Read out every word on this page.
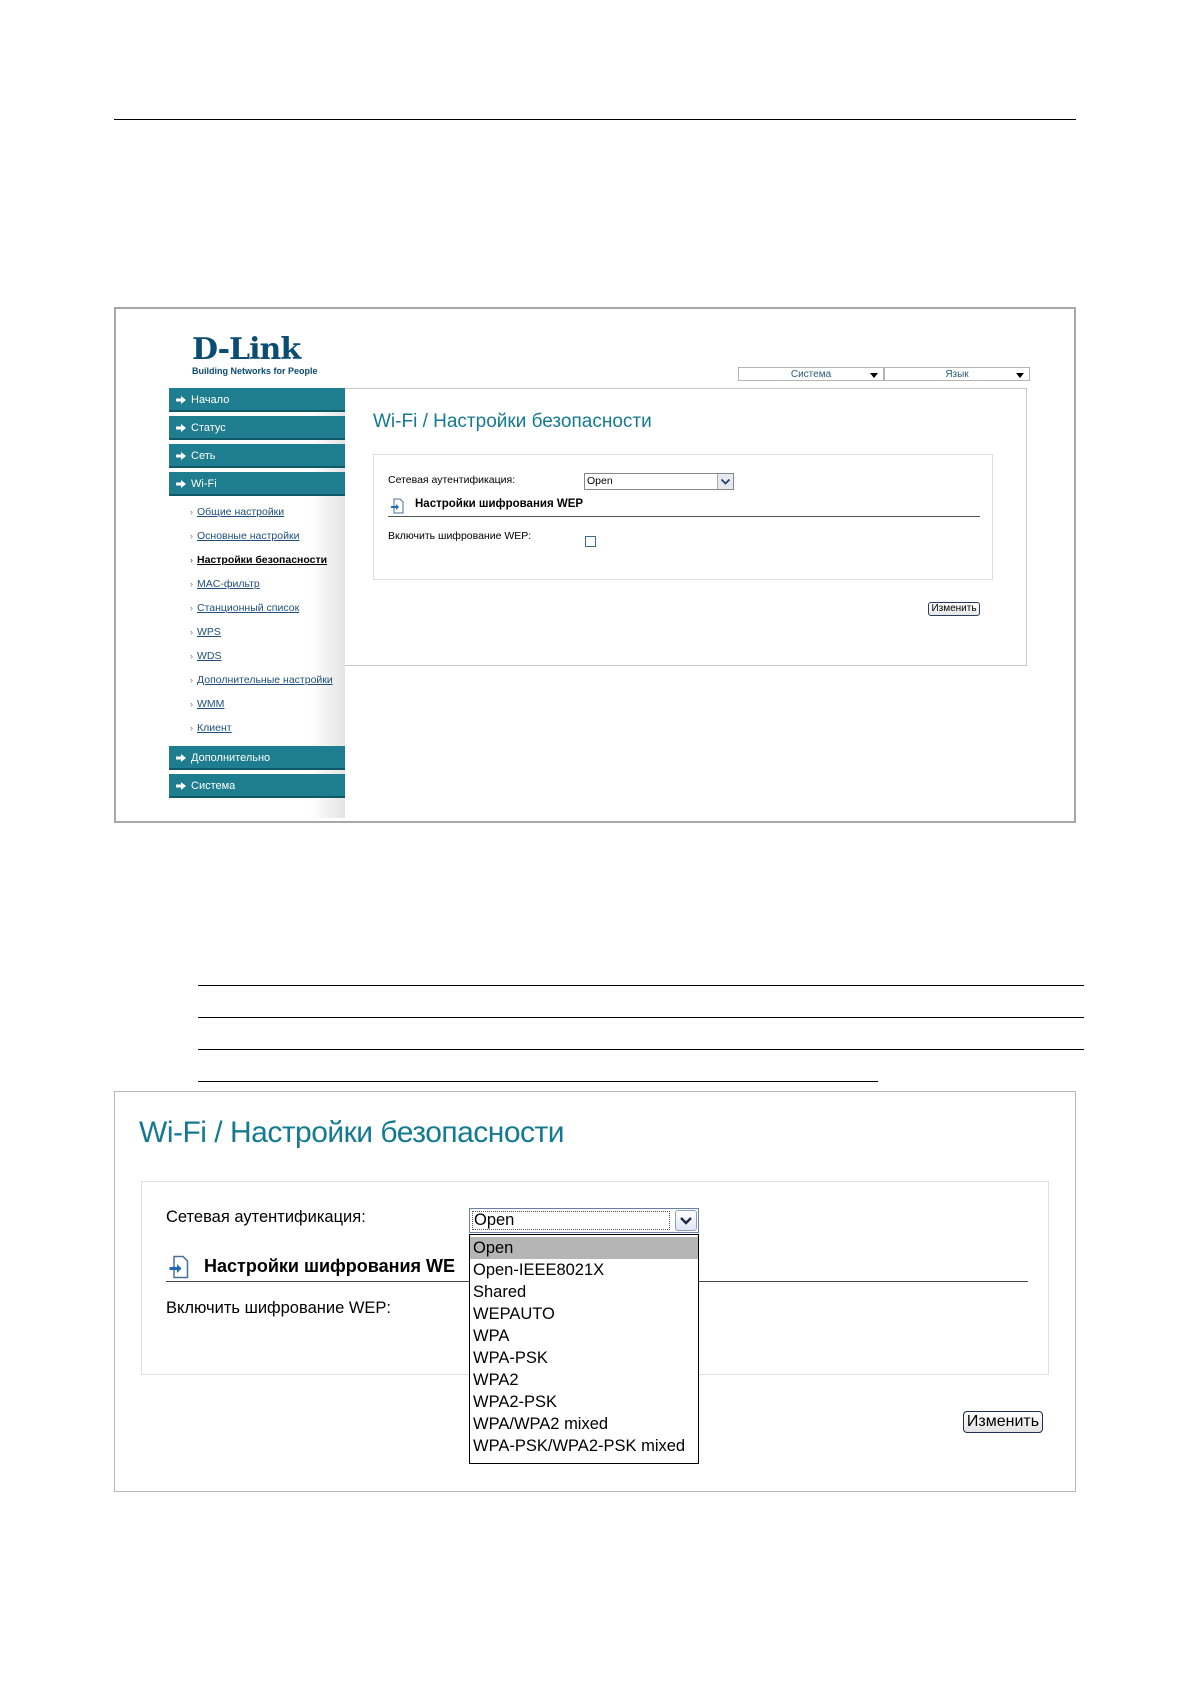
D-Link
Building Networks for People	Система	Язык
Начало
Статус
Сеть
Wi-Fi
› Общие настройки
› Основные настройки
› Настройки безопасности
› MAC-фильтр
› Станционный список
› WPS
› WDS
› Дополнительные настройки
› WMM
› Клиент
Дополнительно
Система
Wi-Fi / Настройки безопасности
Сетевая аутентификация:	Open
Настройки шифрования WEP
Включить шифрование WEP:
Изменить
Wi-Fi / Настройки безопасности
Сетевая аутентификация:
Настройки шифрования WE
Включить шифрование WEP:
Open
Open
Open-IEEE8021X
Shared
WEPAUTO
WPA
WPA-PSK
WPA2
WPA2-PSK
WPA/WPA2 mixed
WPA-PSK/WPA2-PSK mixed
Изменить
